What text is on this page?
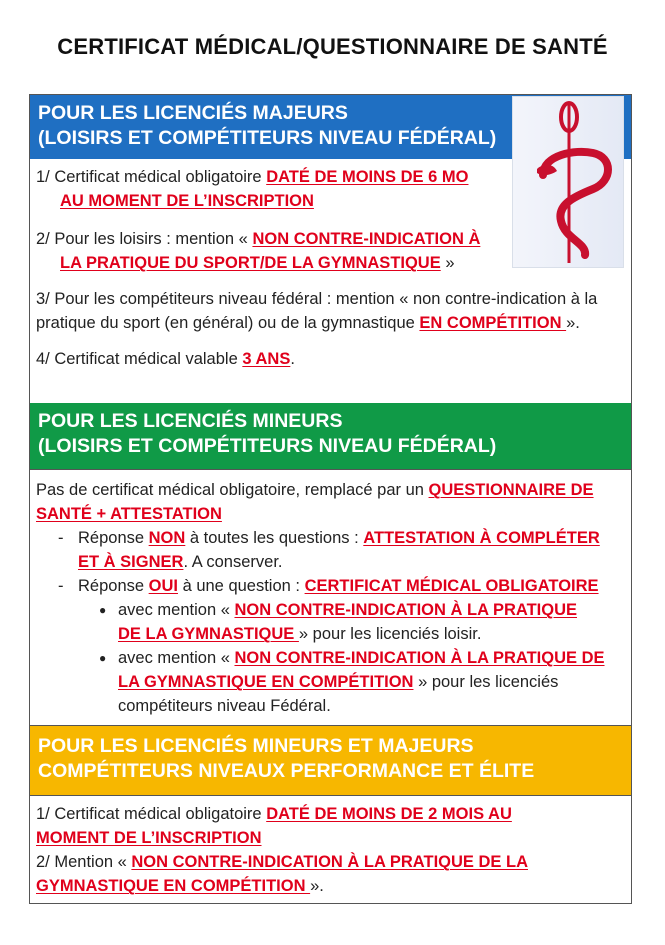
CERTIFICAT MÉDICAL/QUESTIONNAIRE DE SANTÉ
POUR LES LICENCIÉS MAJEURS
(LOISIRS ET COMPÉTITEURS NIVEAU FÉDÉRAL)
1/ Certificat médical obligatoire DATÉ DE MOINS DE 6 MO
AU MOMENT DE L’INSCRIPTION
2/ Pour les loisirs : mention « NON CONTRE-INDICATION À
LA PRATIQUE DU SPORT/DE LA GYMNASTIQUE »
3/ Pour les compétiteurs niveau fédéral : mention « non contre-indication à la pratique du sport (en général) ou de la gymnastique EN COMPÉTITION ».
4/ Certificat médical valable 3 ANS.
POUR LES LICENCIÉS MINEURS
(LOISIRS ET COMPÉTITEURS NIVEAU FÉDÉRAL)
Pas de certificat médical obligatoire, remplacé par un QUESTIONNAIRE DE SANTÉ + ATTESTATION
- Réponse NON à toutes les questions : ATTESTATION À COMPLÉTER ET À SIGNER. A conserver.
- Réponse OUI à une question : CERTIFICAT MÉDICAL OBLIGATOIRE
● avec mention « NON CONTRE-INDICATION À LA PRATIQUE DE LA GYMNASTIQUE » pour les licenciés loisir.
● avec mention « NON CONTRE-INDICATION À LA PRATIQUE DE LA GYMNASTIQUE EN COMPÉTITION » pour les licenciés compétiteurs niveau Fédéral.
POUR LES LICENCIÉS MINEURS ET MAJEURS
COMPÉTITEURS NIVEAUX PERFORMANCE ET ÉLITE
1/ Certificat médical obligatoire DATÉ DE MOINS DE 2 MOIS AU MOMENT DE L’INSCRIPTION
2/ Mention « NON CONTRE-INDICATION À LA PRATIQUE DE LA GYMNASTIQUE EN COMPÉTITION ».
